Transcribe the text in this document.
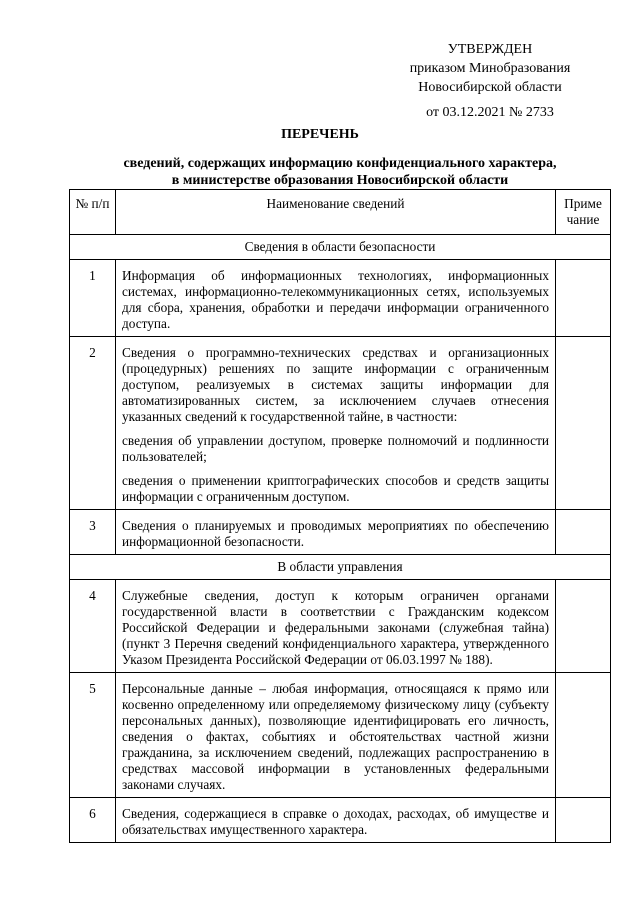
УТВЕРЖДЕН
приказом Минобразования
Новосибирской области
от 03.12.2021 № 2733
ПЕРЕЧЕНЬ
сведений, содержащих информацию конфиденциального характера,
в министерстве образования Новосибирской области
№ п/п	Наименование сведений	Приме чание
Сведения в области безопасности		
1	Информация об информационных технологиях, информационных системах, информационно-телекоммуникационных сетях, используемых для сбора, хранения, обработки и передачи информации ограниченного доступа.	

2	Сведения о программно-технических средствах и организационных (процедурных) решениях по защите информации с ограниченным доступом, реализуемых в системах защиты информации для автоматизированных систем, за исключением случаев отнесения указанных сведений к государственной тайне, в частности:

сведения об управлении доступом, проверке полномочий и подлинности пользователей;

сведения о применении криптографических способов и средств защиты информации с ограниченным доступом.	

3	Сведения о планируемых и проводимых мероприятиях по обеспечению информационной безопасности.	

В области управления		
4	Служебные сведения, доступ к которым ограничен органами государственной власти в соответствии с Гражданским кодексом Российской Федерации и федеральными законами (служебная тайна) (пункт 3 Перечня сведений конфиденциального характера, утвержденного Указом Президента Российской Федерации от 06.03.1997 № 188).	

5	Персональные данные – любая информация, относящаяся к прямо или косвенно определенному или определяемому физическому лицу (субъекту персональных данных), позволяющие идентифицировать его личность, сведения о фактах, событиях и обстоятельствах частной жизни гражданина, за исключением сведений, подлежащих распространению в средствах массовой информации в установленных федеральными законами случаях.	

6	Сведения, содержащиеся в справке о доходах, расходах, об имуществе и обязательствах имущественного характера.	
